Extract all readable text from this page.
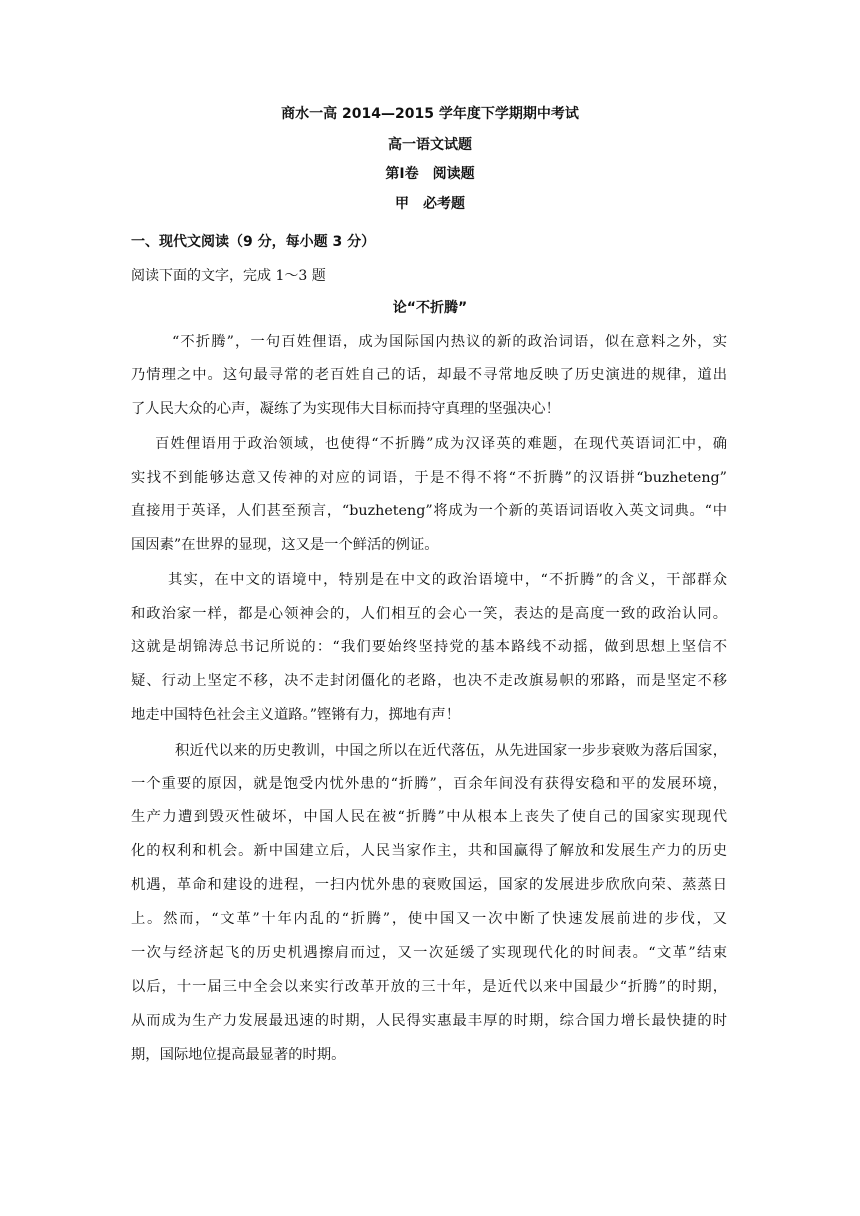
商水一高 2014—2015 学年度下学期期中考试
高一语文试题
第Ⅰ卷　阅读题
甲　必考题
一、现代文阅读（9 分，每小题 3 分）
阅读下面的文字，完成 1～3 题
论“不折腾”
“不折腾”，一句百姓俚语，成为国际国内热议的新的政治词语，似在意料之外，实
乃情理之中。这句最寻常的老百姓自己的话，却最不寻常地反映了历史演进的规律，道出
了人民大众的心声，凝练了为实现伟大目标而持守真理的坚强决心！
百姓俚语用于政治领域，也使得“不折腾”成为汉译英的难题，在现代英语词汇中，确
实找不到能够达意又传神的对应的词语，于是不得不将“不折腾”的汉语拼“buzheteng”
直接用于英译，人们甚至预言，“buzheteng”将成为一个新的英语词语收入英文词典。“中
国因素”在世界的显现，这又是一个鲜活的例证。
其实，在中文的语境中，特别是在中文的政治语境中，“不折腾”的含义，干部群众
和政治家一样，都是心领神会的，人们相互的会心一笑，表达的是高度一致的政治认同。
这就是胡锦涛总书记所说的：“我们要始终坚持党的基本路线不动摇，做到思想上坚信不
疑、行动上坚定不移，决不走封闭僵化的老路，也决不走改旗易帜的邪路，而是坚定不移
地走中国特色社会主义道路。”铿锵有力，掷地有声！
积近代以来的历史教训，中国之所以在近代落伍，从先进国家一步步衰败为落后国家，
一个重要的原因，就是饱受内忧外患的“折腾”，百余年间没有获得安稳和平的发展环境，
生产力遭到毁灭性破坏，中国人民在被“折腾”中从根本上丧失了使自己的国家实现现代
化的权利和机会。新中国建立后，人民当家作主，共和国赢得了解放和发展生产力的历史
机遇，革命和建设的进程，一扫内忧外患的衰败国运，国家的发展进步欣欣向荣、蒸蒸日
上。然而，“文革”十年内乱的“折腾”，使中国又一次中断了快速发展前进的步伐，又
一次与经济起飞的历史机遇擦肩而过，又一次延缓了实现现代化的时间表。“文革”结束
以后，十一届三中全会以来实行改革开放的三十年，是近代以来中国最少“折腾”的时期，
从而成为生产力发展最迅速的时期，人民得实惠最丰厚的时期，综合国力增长最快捷的时
期，国际地位提高最显著的时期。
